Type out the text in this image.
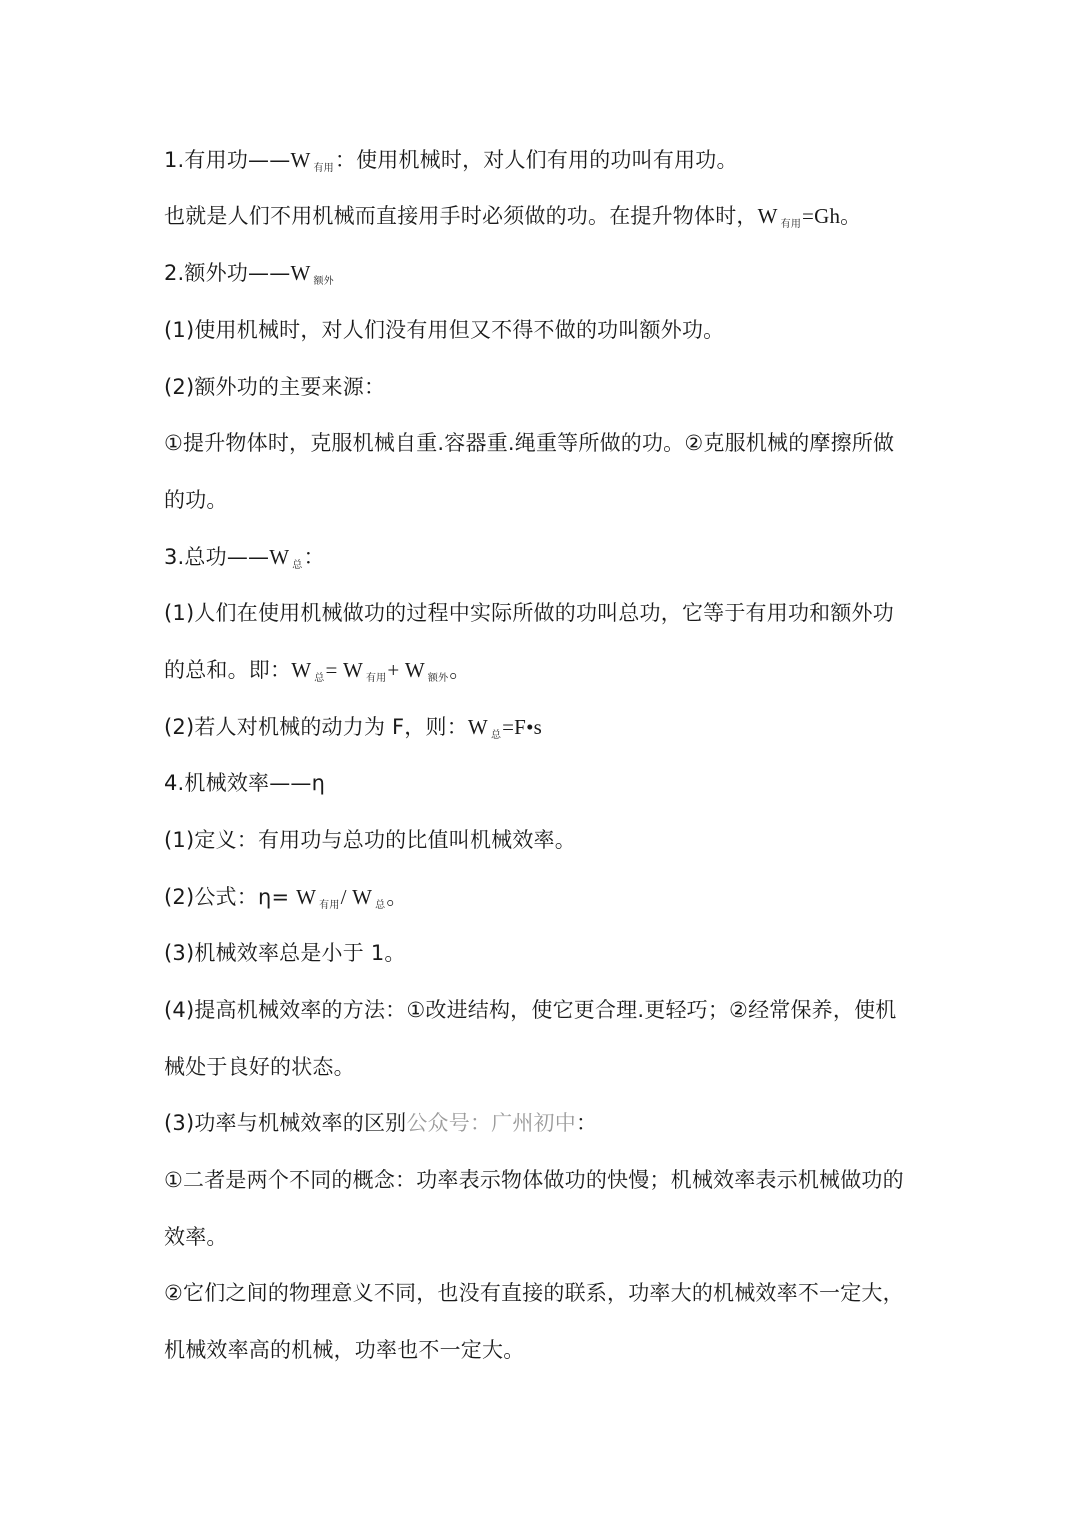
1.有用功——W 有用：使用机械时，对人们有用的功叫有用功。
也就是人们不用机械而直接用手时必须做的功。在提升物体时，W 有用=Gh。
2.额外功——W 额外
(1)使用机械时，对人们没有用但又不得不做的功叫额外功。
(2)额外功的主要来源：
①提升物体时，克服机械自重.容器重.绳重等所做的功。②克服机械的摩擦所做
的功。
3.总功——W 总：
(1)人们在使用机械做功的过程中实际所做的功叫总功，它等于有用功和额外功
的总和。即：W 总= W 有用+ W 额外。
(2)若人对机械的动力为 F，则：W 总=F•s
4.机械效率——η
(1)定义：有用功与总功的比值叫机械效率。
(2)公式：η= W 有用/ W 总。
(3)机械效率总是小于 1。
(4)提高机械效率的方法：①改进结构，使它更合理.更轻巧；②经常保养，使机
械处于良好的状态。
(3)功率与机械效率的区别公众号：广州初中：
①二者是两个不同的概念：功率表示物体做功的快慢；机械效率表示机械做功的
效率。
②它们之间的物理意义不同，也没有直接的联系，功率大的机械效率不一定大，
机械效率高的机械，功率也不一定大。
